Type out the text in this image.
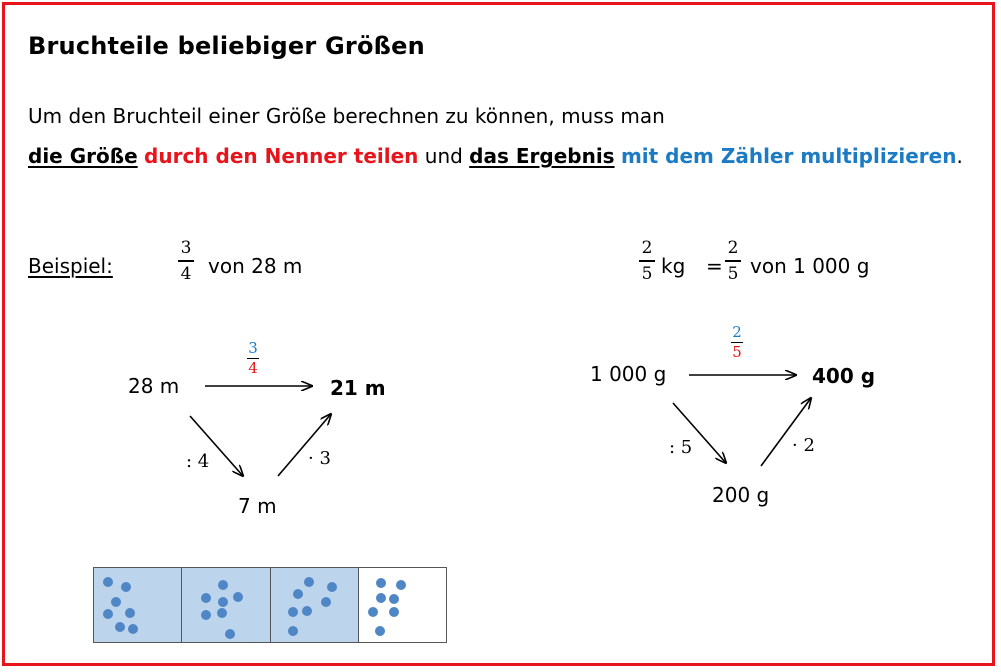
Bruchteile beliebiger Größen
Um den Bruchteil einer Größe berechnen zu können, muss man
die Größe durch den Nenner teilen und das Ergebnis mit dem Zähler multiplizieren.
Beispiel:
3
4 von 28 m
2
5 kg =
2
5 von 1 000 g
28 m
3
4
21 m
: 4
7 m
· 3
1 000 g
2
5
400 g
: 5
200 g
· 2
